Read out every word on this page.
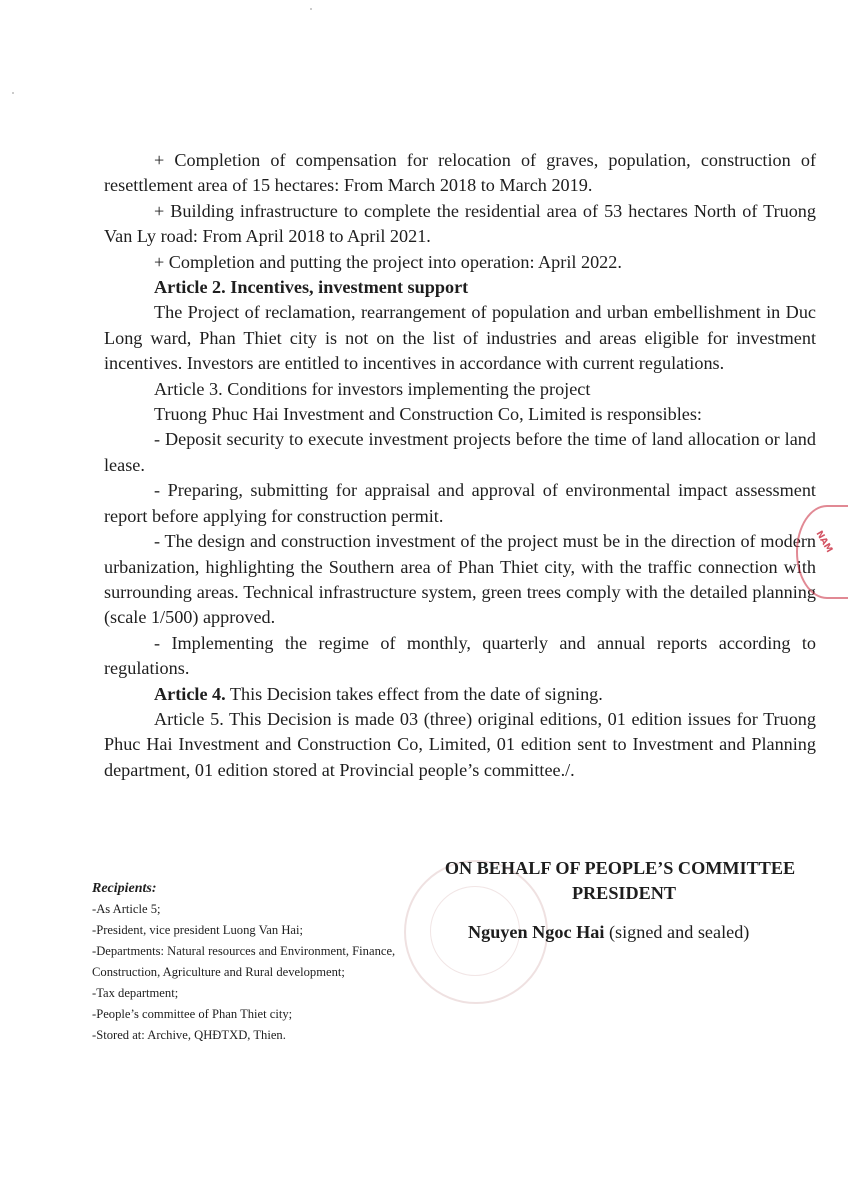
+ Completion of compensation for relocation of graves, population, construction of resettlement area of 15 hectares: From March 2018 to March 2019.

+ Building infrastructure to complete the residential area of 53 hectares North of Truong Van Ly road: From April 2018 to April 2021.

+ Completion and putting the project into operation: April 2022.

Article 2. Incentives, investment support

The Project of reclamation, rearrangement of population and urban embellishment in Duc Long ward, Phan Thiet city is not on the list of industries and areas eligible for investment incentives. Investors are entitled to incentives in accordance with current regulations.

Article 3. Conditions for investors implementing the project

Truong Phuc Hai Investment and Construction Co, Limited is responsibles:

- Deposit security to execute investment projects before the time of land allocation or land lease.

- Preparing, submitting for appraisal and approval of environmental impact assessment report before applying for construction permit.

- The design and construction investment of the project must be in the direction of modern urbanization, highlighting the Southern area of Phan Thiet city, with the traffic connection with surrounding areas. Technical infrastructure system, green trees comply with the detailed planning (scale 1/500) approved.

- Implementing the regime of monthly, quarterly and annual reports according to regulations.

Article 4. This Decision takes effect from the date of signing.

Article 5. This Decision is made 03 (three) original editions, 01 edition issues for Truong Phuc Hai Investment and Construction Co, Limited, 01 edition sent to Investment and Planning department, 01 edition stored at Provincial people’s committee./.

NAM
ON BEHALF OF PEOPLE’S COMMITTEE
PRESIDENT
Nguyen Ngoc Hai (signed and sealed)
Recipients:
-As Article 5;
-President, vice president Luong Van Hai;
-Departments: Natural resources and Environment, Finance,
Construction, Agriculture and Rural development;
-Tax department;
-People’s committee of Phan Thiet city;
-Stored at: Archive, QHĐTXD, Thien.
